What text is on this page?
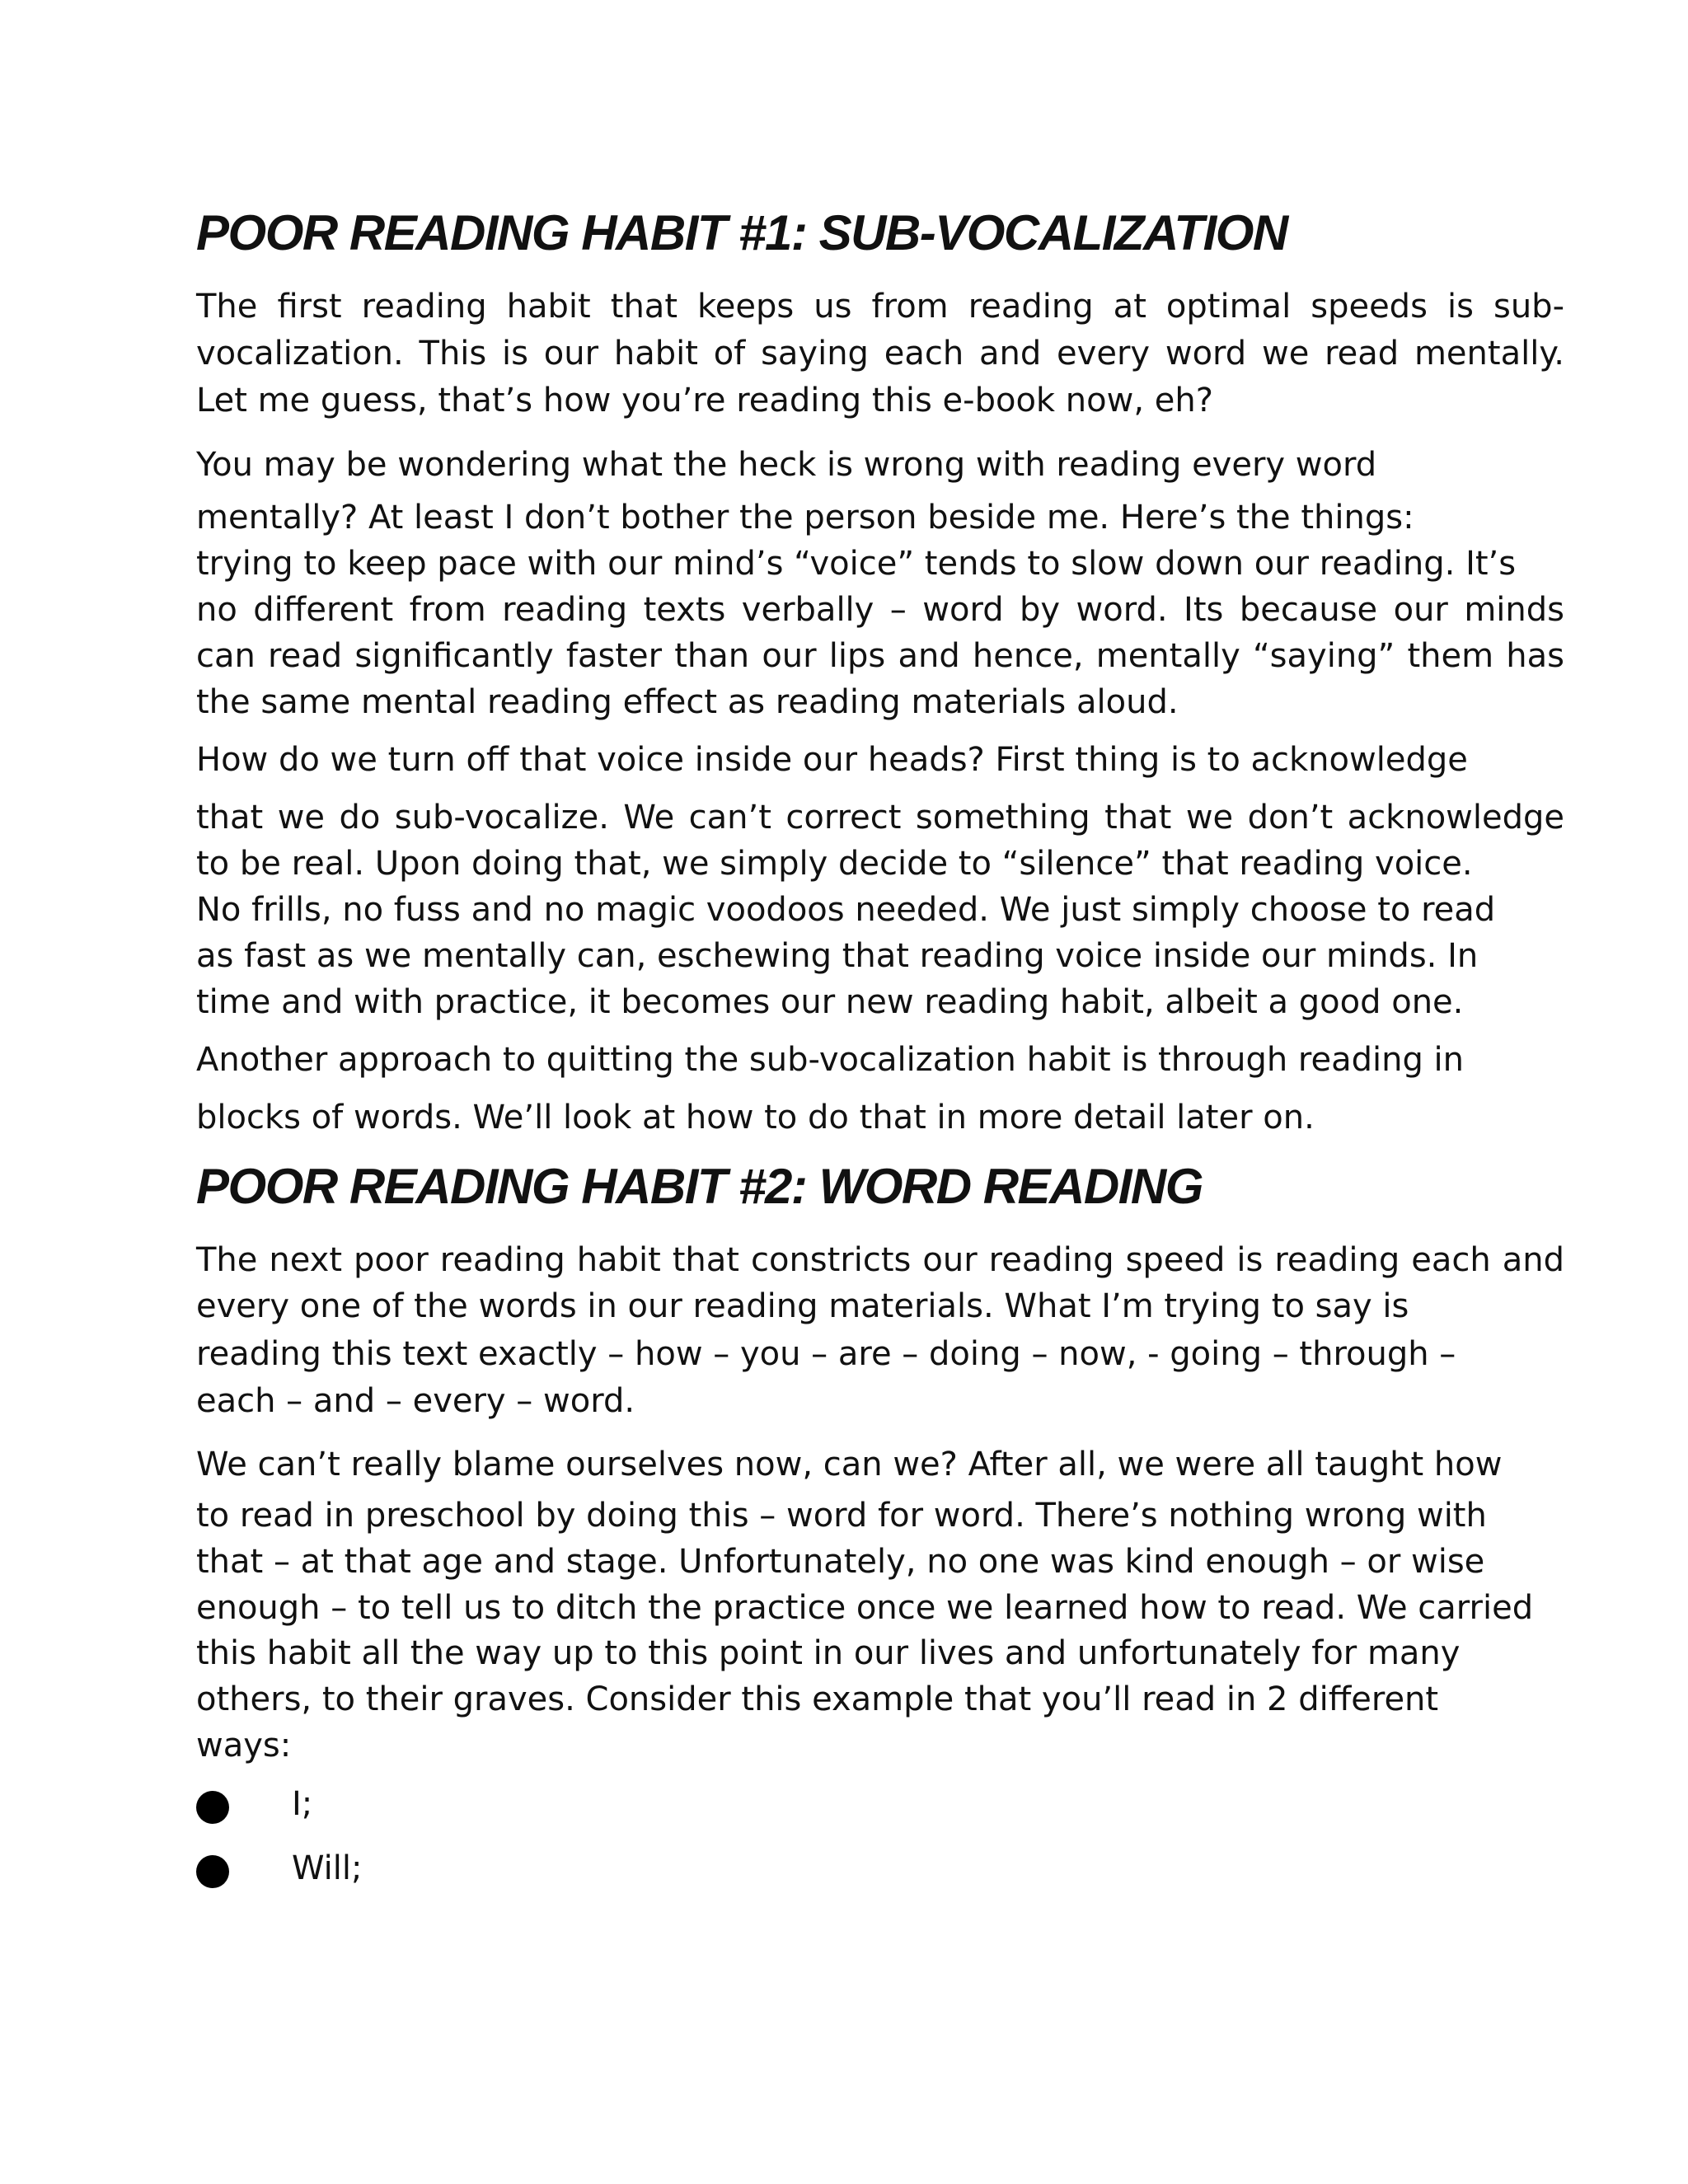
POOR READING HABIT #1: SUB-VOCALIZATION
The first reading habit that keeps us from reading at optimal speeds is sub-
vocalization. This is our habit of saying each and every word we read mentally.
Let me guess, that’s how you’re reading this e-book now, eh?
You may be wondering what the heck is wrong with reading every word
mentally? At least I don’t bother the person beside me. Here’s the things:
trying to keep pace with our mind’s “voice” tends to slow down our reading. It’s
no different from reading texts verbally – word by word. Its because our minds
can read significantly faster than our lips and hence, mentally “saying” them has
the same mental reading effect as reading materials aloud.
How do we turn off that voice inside our heads? First thing is to acknowledge
that we do sub-vocalize. We can’t correct something that we don’t acknowledge
to be real. Upon doing that, we simply decide to “silence” that reading voice.
No frills, no fuss and no magic voodoos needed. We just simply choose to read
as fast as we mentally can, eschewing that reading voice inside our minds. In
time and with practice, it becomes our new reading habit, albeit a good one.
Another approach to quitting the sub-vocalization habit is through reading in
blocks of words. We’ll look at how to do that in more detail later on.
POOR READING HABIT #2: WORD READING
The next poor reading habit that constricts our reading speed is reading each and
every one of the words in our reading materials. What I’m trying to say is
reading this text exactly – how – you – are – doing – now, - going – through –
each – and – every – word.
We can’t really blame ourselves now, can we? After all, we were all taught how
to read in preschool by doing this – word for word. There’s nothing wrong with
that – at that age and stage. Unfortunately, no one was kind enough – or wise
enough – to tell us to ditch the practice once we learned how to read. We carried
this habit all the way up to this point in our lives and unfortunately for many
others, to their graves. Consider this example that you’ll read in 2 different
ways:
I;
Will;
